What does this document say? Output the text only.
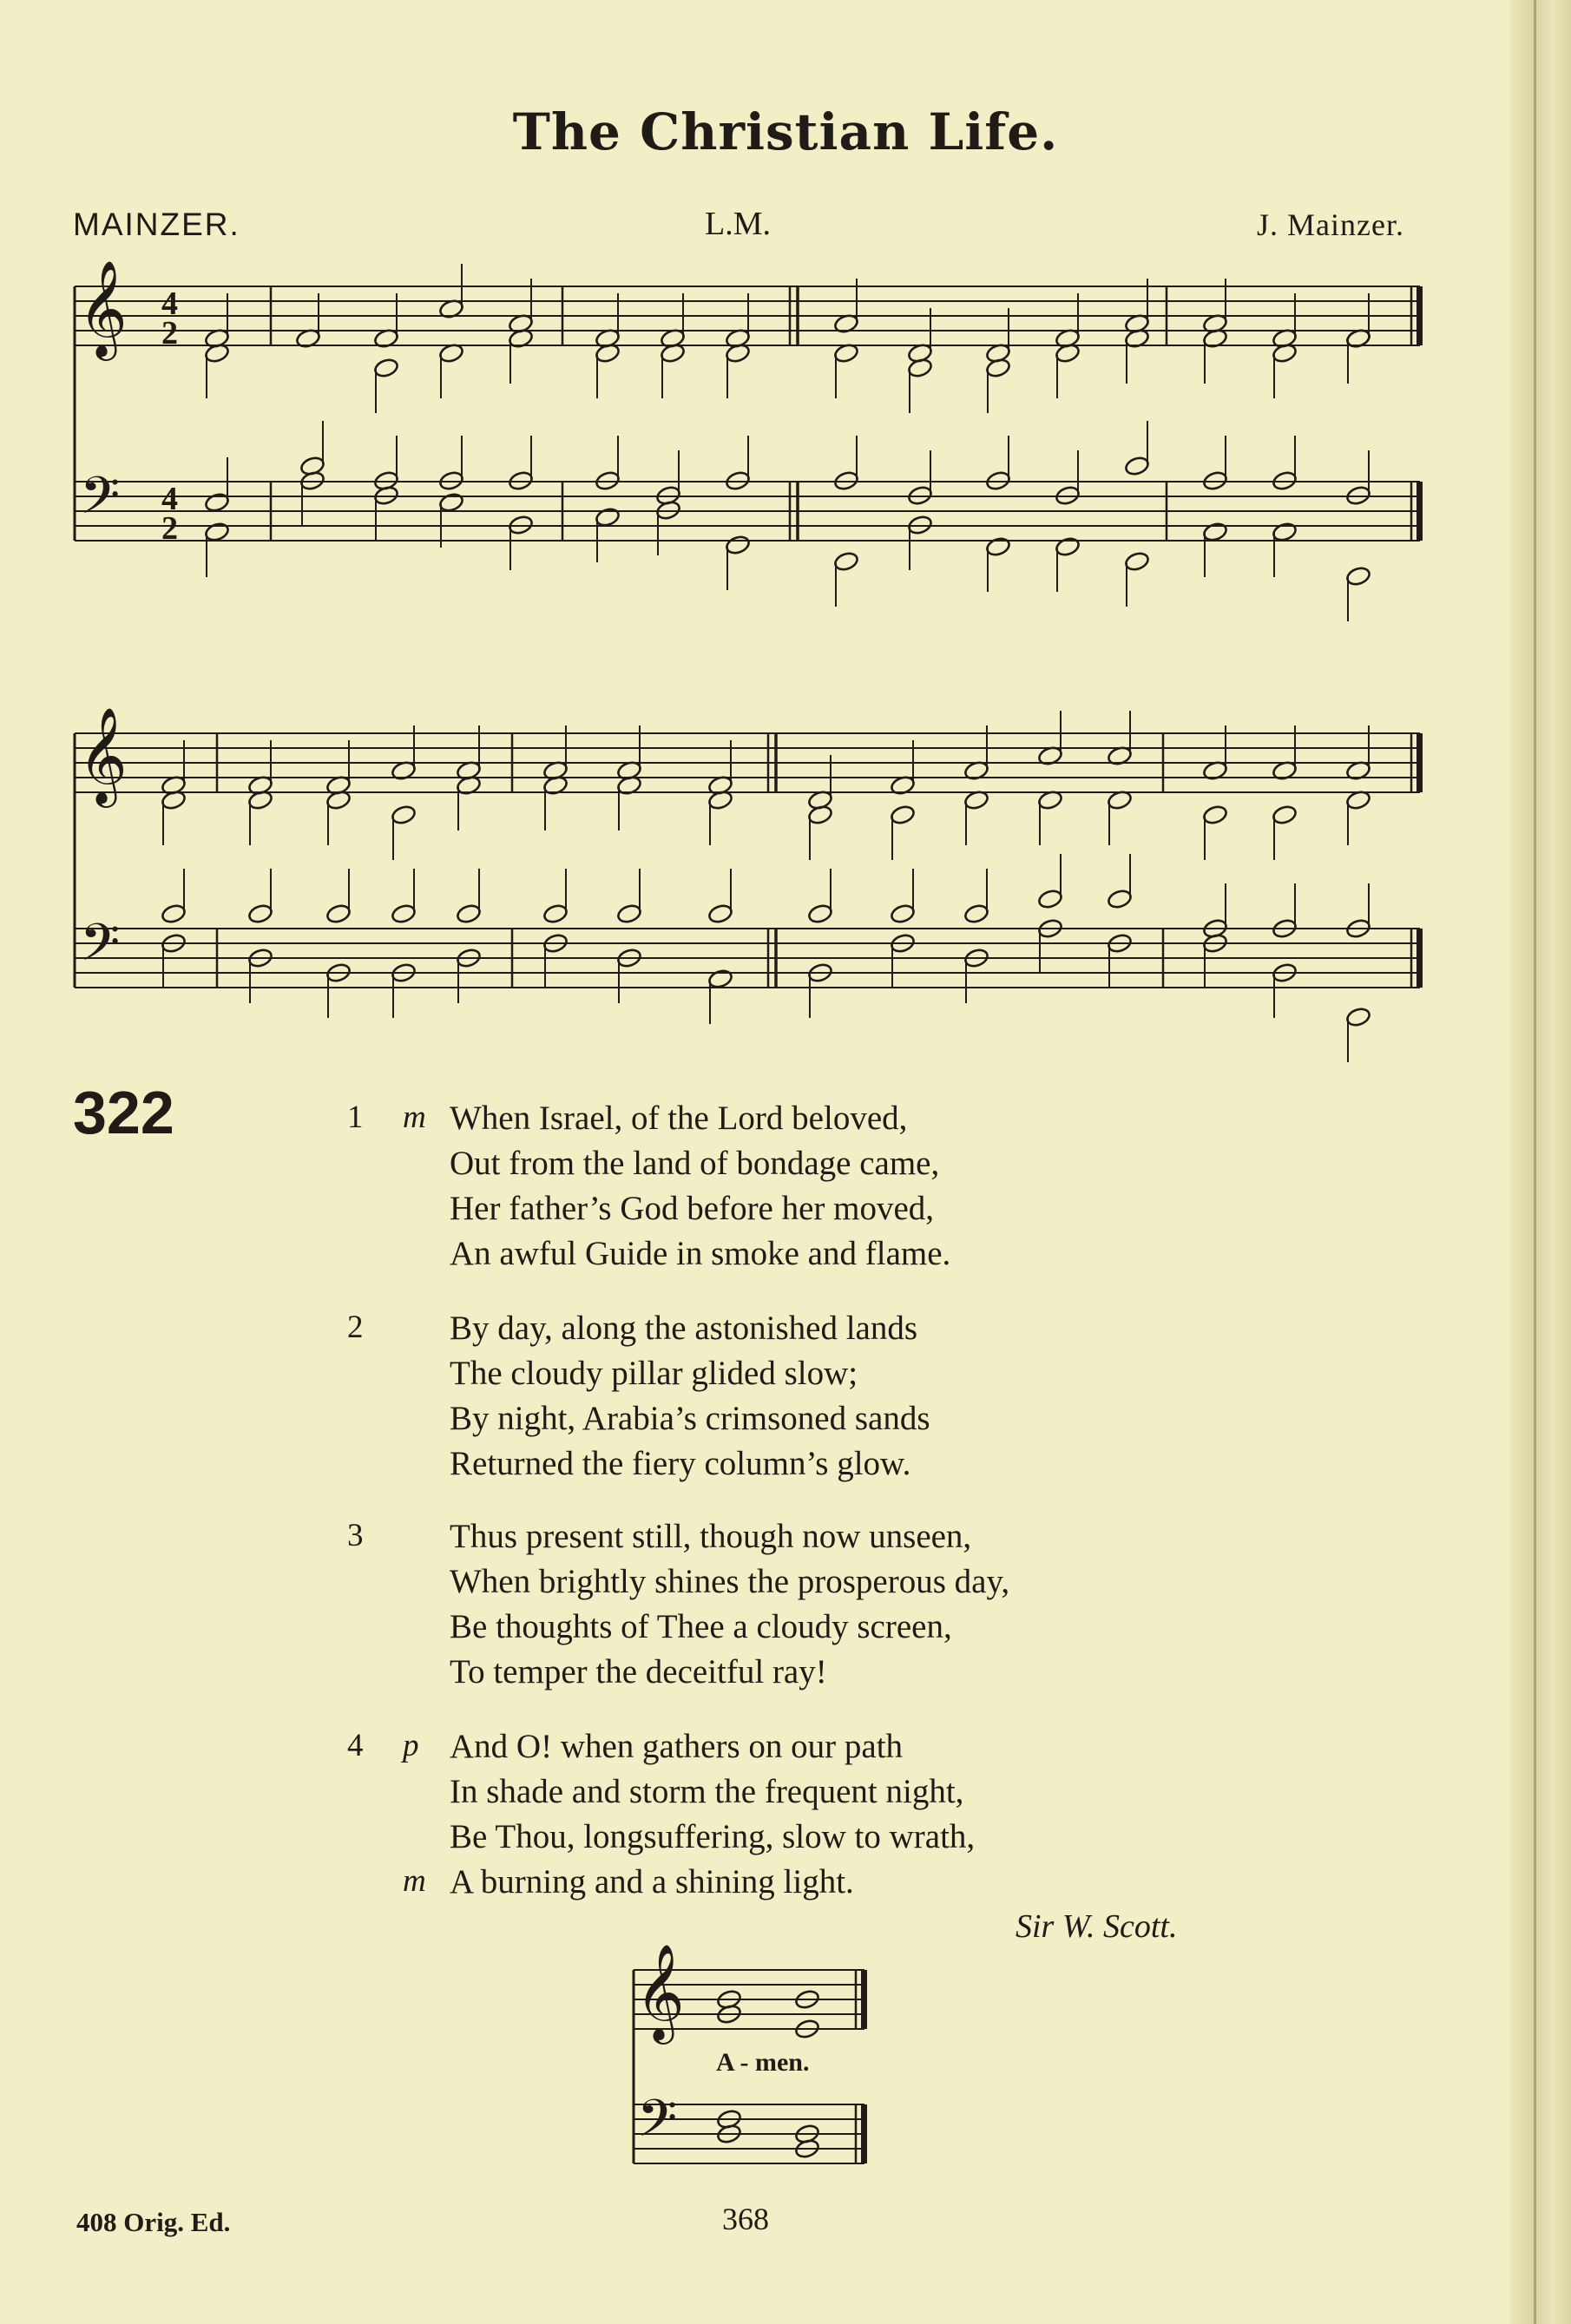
The Christian Life.
MAINZER.	L.M.	J. Mainzer.
𝄞
𝄢
4
2
4
2
𝄞
𝄢
𝄞
𝄢
A - men.
322	1	m When Israel, of the Lord beloved,
Out from the land of bondage came,
Her father’s God before her moved,
An awful Guide in smoke and flame.
2	By day, along the astonished lands
The cloudy pillar glided slow;
By night, Arabia’s crimsoned sands
Returned the fiery column’s glow.
3	Thus present still, though now unseen,
When brightly shines the prosperous day,
Be thoughts of Thee a cloudy screen,
To temper the deceitful ray!
4	p And O! when gathers on our path
In shade and storm the frequent night,
Be Thou, longsuffering, slow to wrath,
m A burning and a shining light.
Sir W. Scott.
408 Orig. Ed.	368
